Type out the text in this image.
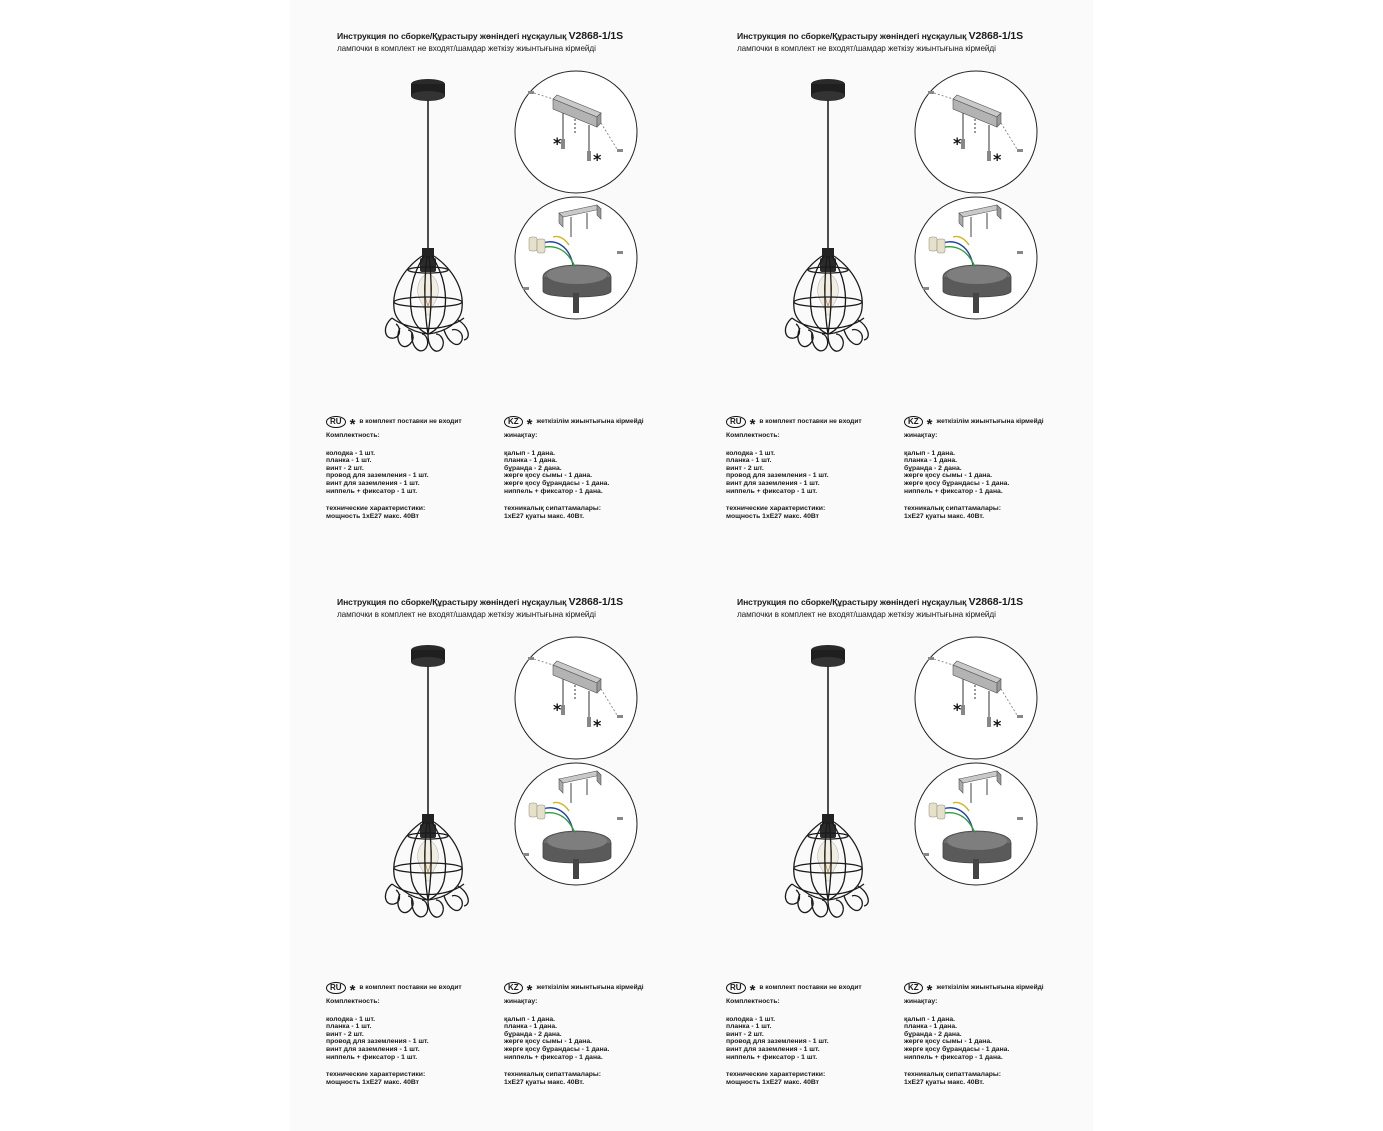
Инструкция по сборке/Құрастыру жөніндегі нұсқаулық V2868-1/1S
лампочки в комплект не входят/шамдар жеткізу жиынтығына кірмейді
*
*
RU * в комплект поставки не входит
Комплектность:
колодка - 1 шт.
планка - 1 шт.
винт - 2 шт.
провод для заземления - 1 шт.
винт для заземления - 1 шт.
ниппель + фиксатор - 1 шт.
технические характеристики:
мощность 1xE27 макс. 40Вт
KZ * жеткізілім жиынтығына кірмейді
жинақтау:
қалып - 1 дана.
планка - 1 дана.
бұранда - 2 дана.
жерге қосу сымы - 1 дана.
жерге қосу бұрандасы - 1 дана.
ниппель + фиксатор - 1 дана.
техникалық сипаттамалары:
1xE27 қуаты макс. 40Вт.
Инструкция по сборке/Құрастыру жөніндегі нұсқаулық V2868-1/1S
лампочки в комплект не входят/шамдар жеткізу жиынтығына кірмейді
*
*
RU * в комплект поставки не входит
Комплектность:
колодка - 1 шт.
планка - 1 шт.
винт - 2 шт.
провод для заземления - 1 шт.
винт для заземления - 1 шт.
ниппель + фиксатор - 1 шт.
технические характеристики:
мощность 1xE27 макс. 40Вт
KZ * жеткізілім жиынтығына кірмейді
жинақтау:
қалып - 1 дана.
планка - 1 дана.
бұранда - 2 дана.
жерге қосу сымы - 1 дана.
жерге қосу бұрандасы - 1 дана.
ниппель + фиксатор - 1 дана.
техникалық сипаттамалары:
1xE27 қуаты макс. 40Вт.
Инструкция по сборке/Құрастыру жөніндегі нұсқаулық V2868-1/1S
лампочки в комплект не входят/шамдар жеткізу жиынтығына кірмейді
*
*
RU * в комплект поставки не входит
Комплектность:
колодка - 1 шт.
планка - 1 шт.
винт - 2 шт.
провод для заземления - 1 шт.
винт для заземления - 1 шт.
ниппель + фиксатор - 1 шт.
технические характеристики:
мощность 1xE27 макс. 40Вт
KZ * жеткізілім жиынтығына кірмейді
жинақтау:
қалып - 1 дана.
планка - 1 дана.
бұранда - 2 дана.
жерге қосу сымы - 1 дана.
жерге қосу бұрандасы - 1 дана.
ниппель + фиксатор - 1 дана.
техникалық сипаттамалары:
1xE27 қуаты макс. 40Вт.
Инструкция по сборке/Құрастыру жөніндегі нұсқаулық V2868-1/1S
лампочки в комплект не входят/шамдар жеткізу жиынтығына кірмейді
*
*
RU * в комплект поставки не входит
Комплектность:
колодка - 1 шт.
планка - 1 шт.
винт - 2 шт.
провод для заземления - 1 шт.
винт для заземления - 1 шт.
ниппель + фиксатор - 1 шт.
технические характеристики:
мощность 1xE27 макс. 40Вт
KZ * жеткізілім жиынтығына кірмейді
жинақтау:
қалып - 1 дана.
планка - 1 дана.
бұранда - 2 дана.
жерге қосу сымы - 1 дана.
жерге қосу бұрандасы - 1 дана.
ниппель + фиксатор - 1 дана.
техникалық сипаттамалары:
1xE27 қуаты макс. 40Вт.
